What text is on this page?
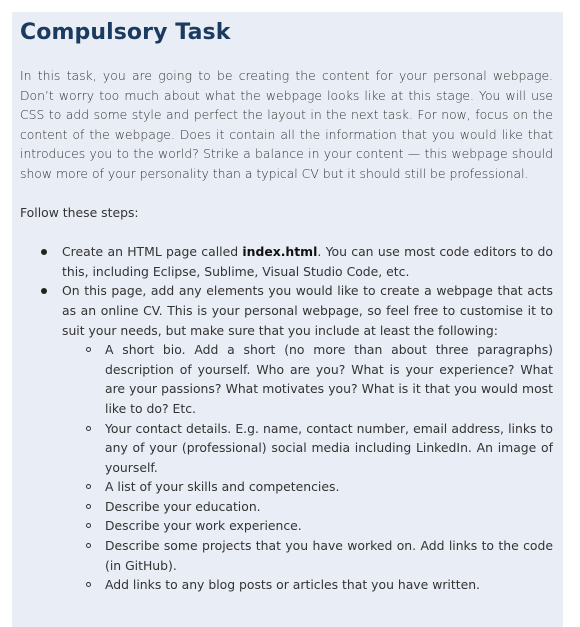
Compulsory Task

In this task, you are going to be creating the content for your personal webpage. Don’t worry too much about what the webpage looks like at this stage. You will use CSS to add some style and perfect the layout in the next task. For now, focus on the content of the webpage. Does it contain all the information that you would like that introduces you to the world? Strike a balance in your content — this webpage should show more of your personality than a typical CV but it should still be professional.

Follow these steps:

Create an HTML page called index.html. You can use most code editors to do this, including Eclipse, Sublime, Visual Studio Code, etc.
On this page, add any elements you would like to create a webpage that acts as an online CV. This is your personal webpage, so feel free to customise it to suit your needs, but make sure that you include at least the following:
A short bio. Add a short (no more than about three paragraphs) description of yourself. Who are you? What is your experience? What are your passions? What motivates you? What is it that you would most like to do? Etc.
Your contact details. E.g. name, contact number, email address, links to any of your (professional) social media including LinkedIn. An image of yourself.
A list of your skills and competencies.
Describe your education.
Describe your work experience.
Describe some projects that you have worked on. Add links to the code (in GitHub).
Add links to any blog posts or articles that you have written.
